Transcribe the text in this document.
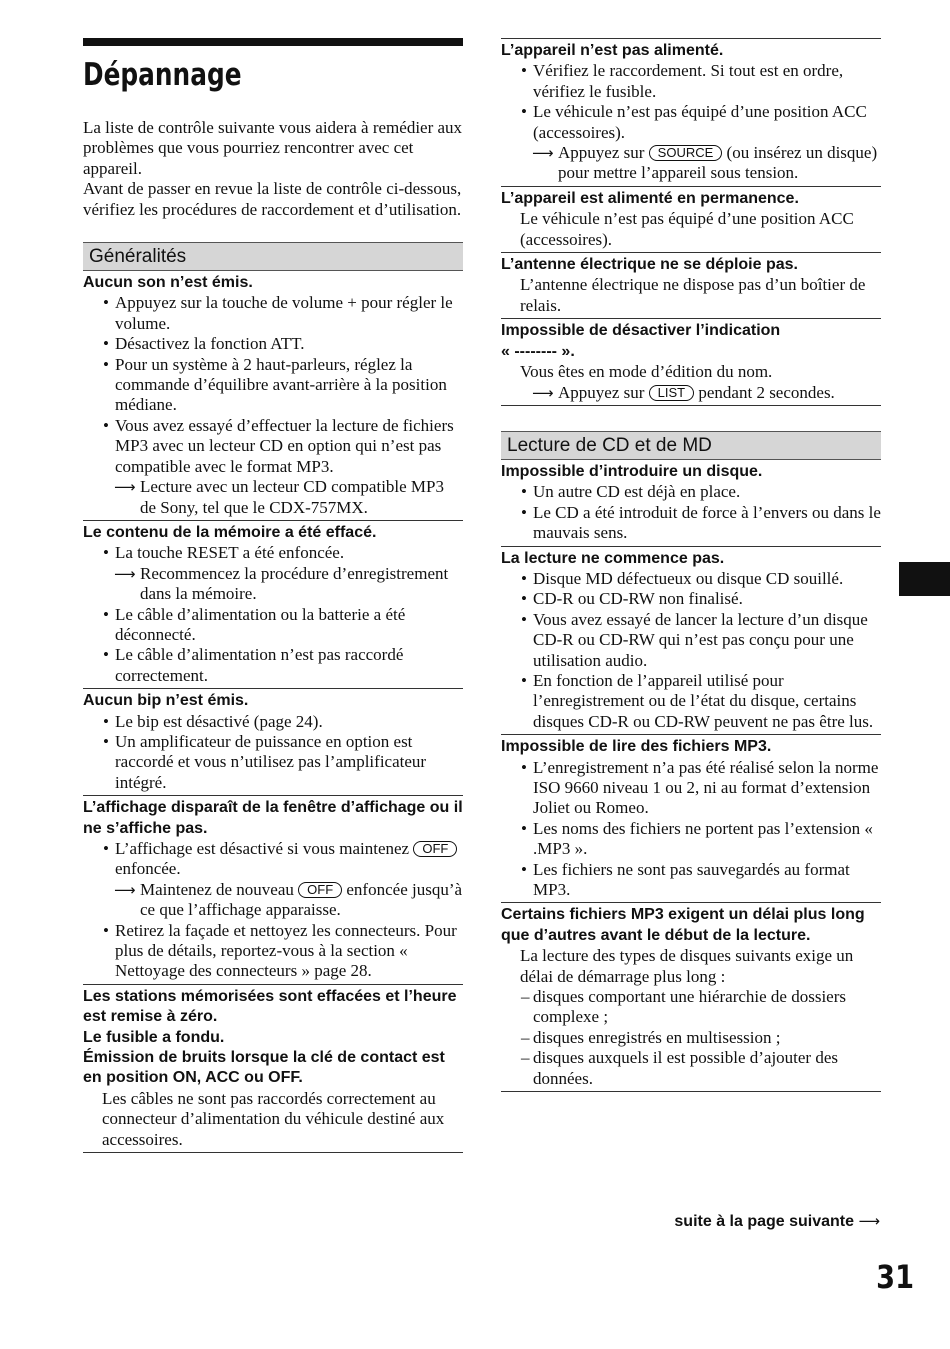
Dépannage

La liste de contrôle suivante vous aidera à remédier aux problèmes que vous pourriez rencontrer avec cet appareil.

Avant de passer en revue la liste de contrôle ci-dessous, vérifiez les procédures de raccordement et d’utilisation.

Généralités
Aucun son n’est émis.
• Appuyez sur la touche de volume + pour régler le volume.
• Désactivez la fonction ATT.
• Pour un système à 2 haut-parleurs, réglez la commande d’équilibre avant-arrière à la position médiane.
• Vous avez essayé d’effectuer la lecture de fichiers MP3 avec un lecteur CD en option qui n’est pas compatible avec le format MP3.
⟶ Lecture avec un lecteur CD compatible MP3 de Sony, tel que le CDX-757MX.
Le contenu de la mémoire a été effacé.
• La touche RESET a été enfoncée.
⟶ Recommencez la procédure d’enregistrement dans la mémoire.
• Le câble d’alimentation ou la batterie a été déconnecté.
• Le câble d’alimentation n’est pas raccordé correctement.
Aucun bip n’est émis.
• Le bip est désactivé (page 24).
• Un amplificateur de puissance en option est raccordé et vous n’utilisez pas l’amplificateur intégré.
L’affichage disparaît de la fenêtre d’affichage ou il ne s’affiche pas.
• L’affichage est désactivé si vous maintenez OFF enfoncée.
⟶ Maintenez de nouveau OFF enfoncée jusqu’à ce que l’affichage apparaisse.
• Retirez la façade et nettoyez les connecteurs. Pour plus de détails, reportez-vous à la section « Nettoyage des connecteurs » page 28.
Les stations mémorisées sont effacées et l’heure est remise à zéro.
Le fusible a fondu.
Émission de bruits lorsque la clé de contact est en position ON, ACC ou OFF.
Les câbles ne sont pas raccordés correctement au connecteur d’alimentation du véhicule destiné aux accessoires.
L’appareil n’est pas alimenté.
• Vérifiez le raccordement. Si tout est en ordre, vérifiez le fusible.
• Le véhicule n’est pas équipé d’une position ACC (accessoires).
⟶ Appuyez sur SOURCE (ou insérez un disque) pour mettre l’appareil sous tension.
L’appareil est alimenté en permanence.
Le véhicule n’est pas équipé d’une position ACC (accessoires).
L’antenne électrique ne se déploie pas.
L’antenne électrique ne dispose pas d’un boîtier de relais.
Impossible de désactiver l’indication
« -------- ».
Vous êtes en mode d’édition du nom.
⟶ Appuyez sur LIST pendant 2 secondes.
Lecture de CD et de MD
Impossible d’introduire un disque.
• Un autre CD est déjà en place.
• Le CD a été introduit de force à l’envers ou dans le mauvais sens.
La lecture ne commence pas.
• Disque MD défectueux ou disque CD souillé.
• CD-R ou CD-RW non finalisé.
• Vous avez essayé de lancer la lecture d’un disque CD-R ou CD-RW qui n’est pas conçu pour une utilisation audio.
• En fonction de l’appareil utilisé pour l’enregistrement ou de l’état du disque, certains disques CD-R ou CD-RW peuvent ne pas être lus.
Impossible de lire des fichiers MP3.
• L’enregistrement n’a pas été réalisé selon la norme ISO 9660 niveau 1 ou 2, ni au format d’extension Joliet ou Romeo.
• Les noms des fichiers ne portent pas l’extension « .MP3 ».
• Les fichiers ne sont pas sauvegardés au format MP3.
Certains fichiers MP3 exigent un délai plus long que d’autres avant le début de la lecture.
La lecture des types de disques suivants exige un délai de démarrage plus long :
– disques comportant une hiérarchie de dossiers complexe ;
– disques enregistrés en multisession ;
– disques auxquels il est possible d’ajouter des données.
suite à la page suivante ⟶
31
